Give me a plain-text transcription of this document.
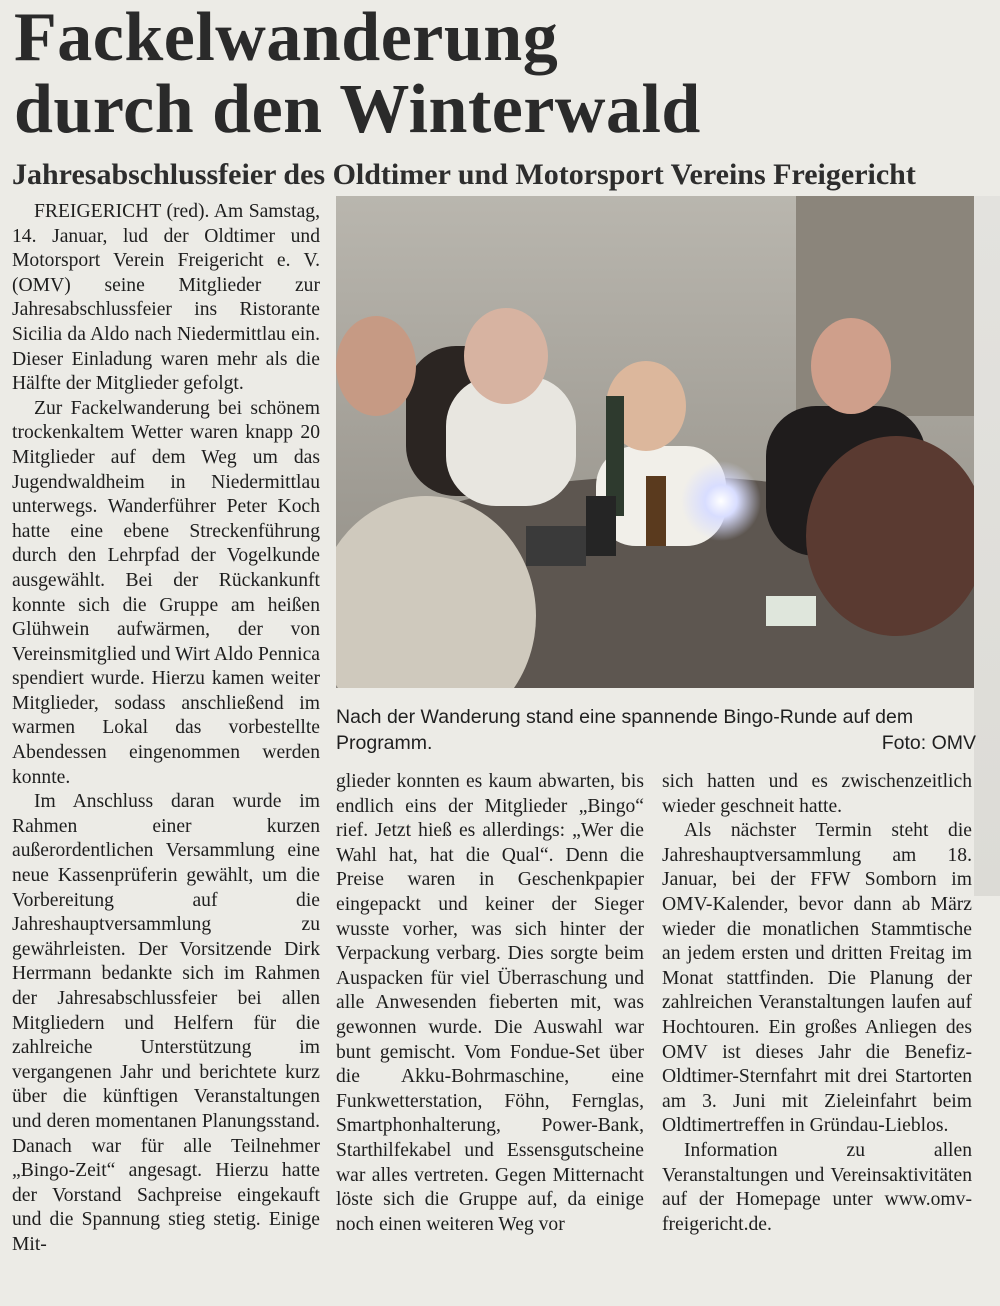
Fackelwanderung
durch den Winterwald
Jahresabschlussfeier des Oldtimer und Motorsport Vereins Freigericht

Nach der Wanderung stand eine spannende Bingo-Runde auf dem Programm.	Foto: OMV

FREIGERICHT (red). Am Samstag, 14. Januar, lud der Oldtimer und Motorsport Verein Freigericht e. V. (OMV) seine Mitglieder zur Jahresabschlussfeier ins Ristorante Sicilia da Aldo nach Niedermittlau ein. Dieser Einladung waren mehr als die Hälfte der Mitglieder gefolgt.

Zur Fackelwanderung bei schönem trockenkaltem Wetter waren knapp 20 Mitglieder auf dem Weg um das Jugendwaldheim in Niedermittlau unterwegs. Wanderführer Peter Koch hatte eine ebene Streckenführung durch den Lehrpfad der Vogelkunde ausgewählt. Bei der Rückankunft konnte sich die Gruppe am heißen Glühwein aufwärmen, der von Vereinsmitglied und Wirt Aldo Pennica spendiert wurde. Hierzu kamen weiter Mitglieder, sodass anschließend im warmen Lokal das vorbestellte Abendessen eingenommen werden konnte.

Im Anschluss daran wurde im Rahmen einer kurzen außerordentlichen Versammlung eine neue Kassenprüferin gewählt, um die Vorbereitung auf die Jahreshauptversammlung zu gewährleisten. Der Vorsitzende Dirk Herrmann bedankte sich im Rahmen der Jahresabschlussfeier bei allen Mitgliedern und Helfern für die zahlreiche Unterstützung im vergangenen Jahr und berichtete kurz über die künftigen Veranstaltungen und deren momentanen Planungsstand. Danach war für alle Teilnehmer „Bingo-Zeit“ angesagt. Hierzu hatte der Vorstand Sachpreise eingekauft und die Spannung stieg stetig. Einige Mit-

glieder konnten es kaum abwarten, bis endlich eins der Mitglieder „Bingo“ rief. Jetzt hieß es allerdings: „Wer die Wahl hat, hat die Qual“. Denn die Preise waren in Geschenkpapier eingepackt und keiner der Sieger wusste vorher, was sich hinter der Verpackung verbarg. Dies sorgte beim Auspacken für viel Überraschung und alle Anwesenden fieberten mit, was gewonnen wurde. Die Auswahl war bunt gemischt. Vom Fondue-Set über die Akku-Bohrmaschine, eine Funkwetterstation, Föhn, Fernglas, Smartphonhalterung, Power-Bank, Starthilfekabel und Essensgutscheine war alles vertreten. Gegen Mitternacht löste sich die Gruppe auf, da einige noch einen weiteren Weg vor

sich hatten und es zwischenzeitlich wieder geschneit hatte.

Als nächster Termin steht die Jahreshauptversammlung am 18. Januar, bei der FFW Somborn im OMV-Kalender, bevor dann ab März wieder die monatlichen Stammtische an jedem ersten und dritten Freitag im Monat stattfinden. Die Planung der zahlreichen Veranstaltungen laufen auf Hochtouren. Ein großes Anliegen des OMV ist dieses Jahr die Benefiz-Oldtimer-Sternfahrt mit drei Startorten am 3. Juni mit Zieleinfahrt beim Oldtimertreffen in Gründau-Lieblos.

Information zu allen Veranstaltungen und Vereinsaktivitäten auf der Homepage unter www.omv-freigericht.de.
